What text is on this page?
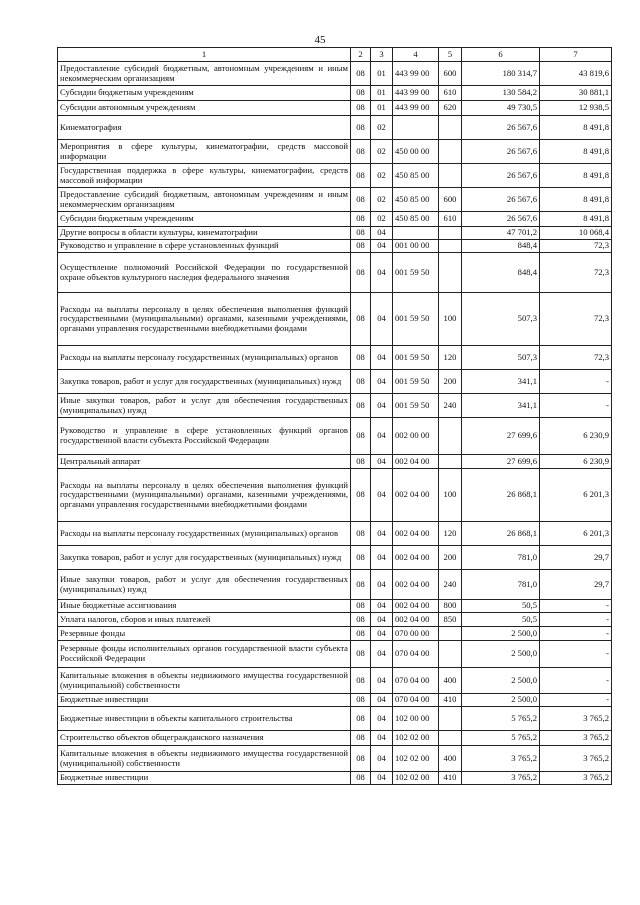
45
1	2	3	4	5	6	7
Предоставление субсидий бюджетным, автономным учреждениям и иным некоммерческим организациям	08	01	443 99 00	600	180 314,7	43 819,6
Субсидии бюджетным учреждениям	08	01	443 99 00	610	130 584,2	30 881,1
Субсидии автономным учреждениям	08	01	443 99 00	620	49 730,5	12 938,5
Кинематография	08	02			26 567,6	8 491,8
Мероприятия в сфере культуры, кинематографии, средств массовой информации	08	02	450 00 00		26 567,6	8 491,8
Государственная поддержка в сфере культуры, кинематографии, средств массовой информации	08	02	450 85 00		26 567,6	8 491,8
Предоставление субсидий бюджетным, автономным учреждениям и иным некоммерческим организациям	08	02	450 85 00	600	26 567,6	8 491,8
Субсидии бюджетным учреждениям	08	02	450 85 00	610	26 567,6	8 491,8
Другие вопросы в области культуры, кинематографии	08	04			47 701,2	10 068,4
Руководство и управление в сфере установленных функций	08	04	001 00 00		848,4	72,3
Осуществление полномочий Российской Федерации по государственной охране объектов культурного наследия федерального значения	08	04	001 59 50		848,4	72,3
Расходы на выплаты персоналу в целях обеспечения выполнения функций государственными (муниципальными) органами, казенными учреждениями, органами управления государственными внебюджетными фондами	08	04	001 59 50	100	507,3	72,3
Расходы на выплаты персоналу государственных (муниципальных) органов	08	04	001 59 50	120	507,3	72,3
Закупка товаров, работ и услуг для государственных (муниципальных) нужд	08	04	001 59 50	200	341,1	-
Иные закупки товаров, работ и услуг для обеспечения государственных (муниципальных) нужд	08	04	001 59 50	240	341,1	-
Руководство и управление в сфере установленных функций органов государственной власти субъекта Российской Федерации	08	04	002 00 00		27 699,6	6 230,9
Центральный аппарат	08	04	002 04 00		27 699,6	6 230,9
Расходы на выплаты персоналу в целях обеспечения выполнения функций государственными (муниципальными) органами, казенными учреждениями, органами управления государственными внебюджетными фондами	08	04	002 04 00	100	26 868,1	6 201,3
Расходы на выплаты персоналу государственных (муниципальных) органов	08	04	002 04 00	120	26 868,1	6 201,3
Закупка товаров, работ и услуг для государственных (муниципальных) нужд	08	04	002 04 00	200	781,0	29,7
Иные закупки товаров, работ и услуг для обеспечения государственных (муниципальных) нужд	08	04	002 04 00	240	781,0	29,7
Иные бюджетные ассигнования	08	04	002 04 00	800	50,5	-
Уплата налогов, сборов и иных платежей	08	04	002 04 00	850	50,5	-
Резервные фонды	08	04	070 00 00		2 500,0	-
Резервные фонды исполнительных органов государственной власти субъекта Российской Федерации	08	04	070 04 00		2 500,0	-
Капитальные вложения в объекты недвижимого имущества государственной (муниципальной) собственности	08	04	070 04 00	400	2 500,0	-
Бюджетные инвестиции	08	04	070 04 00	410	2 500,0	-
Бюджетные инвестиции в объекты капитального строительства	08	04	102 00 00		5 765,2	3 765,2
Строительство объектов общегражданского назначения	08	04	102 02 00		5 765,2	3 765,2
Капитальные вложения в объекты недвижимого имущества государственной (муниципальной) собственности	08	04	102 02 00	400	3 765,2	3 765,2
Бюджетные инвестиции	08	04	102 02 00	410	3 765,2	3 765,2
